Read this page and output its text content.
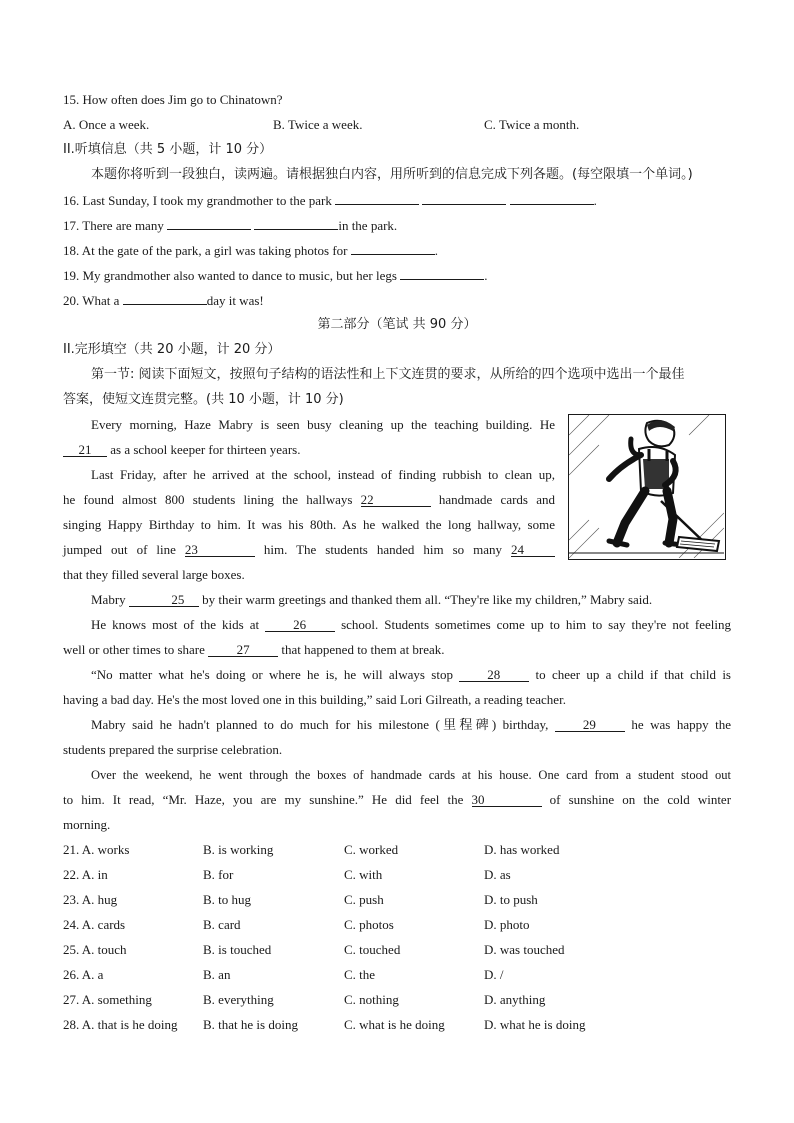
15. How often does Jim go to Chinatown?
A. Once a week.	B. Twice a week.	C. Twice a month.
II.听填信息（共 5 小题，计 10 分）
本题你将听到一段独白，读两遍。请根据独白内容，用所听到的信息完成下列各题。(每空限填一个单词。)
16. Last Sunday, I took my grandmother to the park	.
17. There are many	in the park.
18. At the gate of the park, a girl was taking photos for	.
19. My grandmother also wanted to dance to music, but her legs	.
20. What a	day it was!
第二部分（笔试 共 90 分）
II.完形填空（共 20 小题，计 20 分）
第一节: 阅读下面短文，按照句子结构的语法性和上下文连贯的要求，从所给的四个选项中选出一个最佳
答案，使短文连贯完整。(共 10 小题，计 10 分)
Every morning, Haze Mabry is seen busy cleaning up the teaching building. He
21 as a school keeper for thirteen years.
Last Friday, after he arrived at the school, instead of finding rubbish to clean up,
he found almost 800 students lining the hallways 22	handmade cards and
singing Happy Birthday to him. It was his 80th. As he walked the long hallway, some
jumped out of line 23	him. The students handed him so many 24
that they filled several large boxes.
Mabry	25 by their warm greetings and thanked them all. “They're like my children,” Mabry said.
He knows most of the kids at	26	school. Students sometimes come up to him to say they're not feeling
well or other times to share 27 that happened to them at break.
“No matter what he's doing or where he is, he will always stop	28	to cheer up a child if that child is
having a bad day. He's the most loved one in this building,” said Lori Gilreath, a reading teacher.
Mabry said he hadn't planned to do much for his milestone (里程碑) birthday,	29	he was happy the
students prepared the surprise celebration.
Over the weekend, he went through the boxes of handmade cards at his house. One card from a student stood out
to him. It read, “Mr. Haze, you are my sunshine.” He did feel the 30	of sunshine on the cold winter
morning.
21. A. works	B. is working	C. worked	D. has worked
22. A. in	B. for	C. with	D. as
23. A. hug	B. to hug	C. push	D. to push
24. A. cards	B. card	C. photos	D. photo
25. A. touch	B. is touched	C. touched	D. was touched
26. A. a	B. an	C. the	D. /
27. A. something	B. everything	C. nothing	D. anything
28. A. that is he doing B. that he is doing	C. what is he doing	D. what he is doing
